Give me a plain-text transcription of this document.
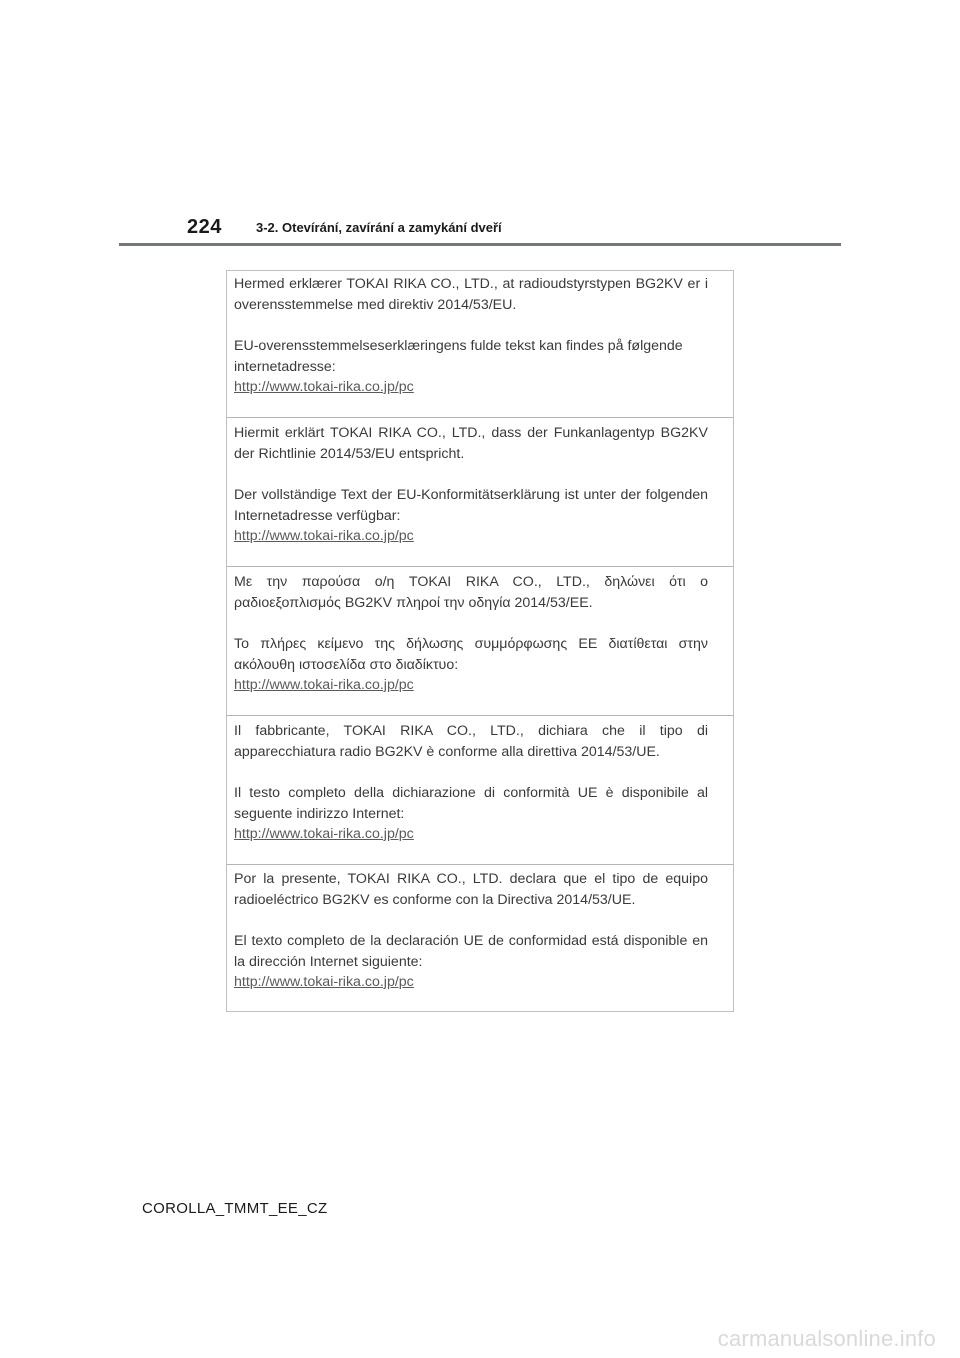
224	3-2. Otevírání, zavírání a zamykání dveří

Hermed erklærer TOKAI RIKA CO., LTD., at radioudstyrstypen BG2KV er i overensstemmelse med direktiv 2014/53/EU.

EU-overensstemmelseserklæringens fulde tekst kan findes på følgende internetadresse:

http://www.tokai-rika.co.jp/pc

Hiermit erklärt TOKAI RIKA CO., LTD., dass der Funkanlagentyp BG2KV der Richtlinie 2014/53/EU entspricht.

Der vollständige Text der EU-Konformitätserklärung ist unter der folgenden Internetadresse verfügbar:

http://www.tokai-rika.co.jp/pc

Με την παρούσα ο/η TOKAI RIKA CO., LTD., δηλώνει ότι ο ραδιοεξοπλισμός BG2KV πληροί την οδηγία 2014/53/ΕΕ.

Το πλήρες κείμενο της δήλωσης συμμόρφωσης ΕΕ διατίθεται στην ακόλουθη ιστοσελίδα στο διαδίκτυο:

http://www.tokai-rika.co.jp/pc

Il fabbricante, TOKAI RIKA CO., LTD., dichiara che il tipo di apparecchiatura radio BG2KV è conforme alla direttiva 2014/53/UE.

Il testo completo della dichiarazione di conformità UE è disponibile al seguente indirizzo Internet:

http://www.tokai-rika.co.jp/pc

Por la presente, TOKAI RIKA CO., LTD. declara que el tipo de equipo radioeléctrico BG2KV es conforme con la Directiva 2014/53/UE.

El texto completo de la declaración UE de conformidad está disponible en la dirección Internet siguiente:

http://www.tokai-rika.co.jp/pc
COROLLA_TMMT_EE_CZ
carmanualsonline.info
